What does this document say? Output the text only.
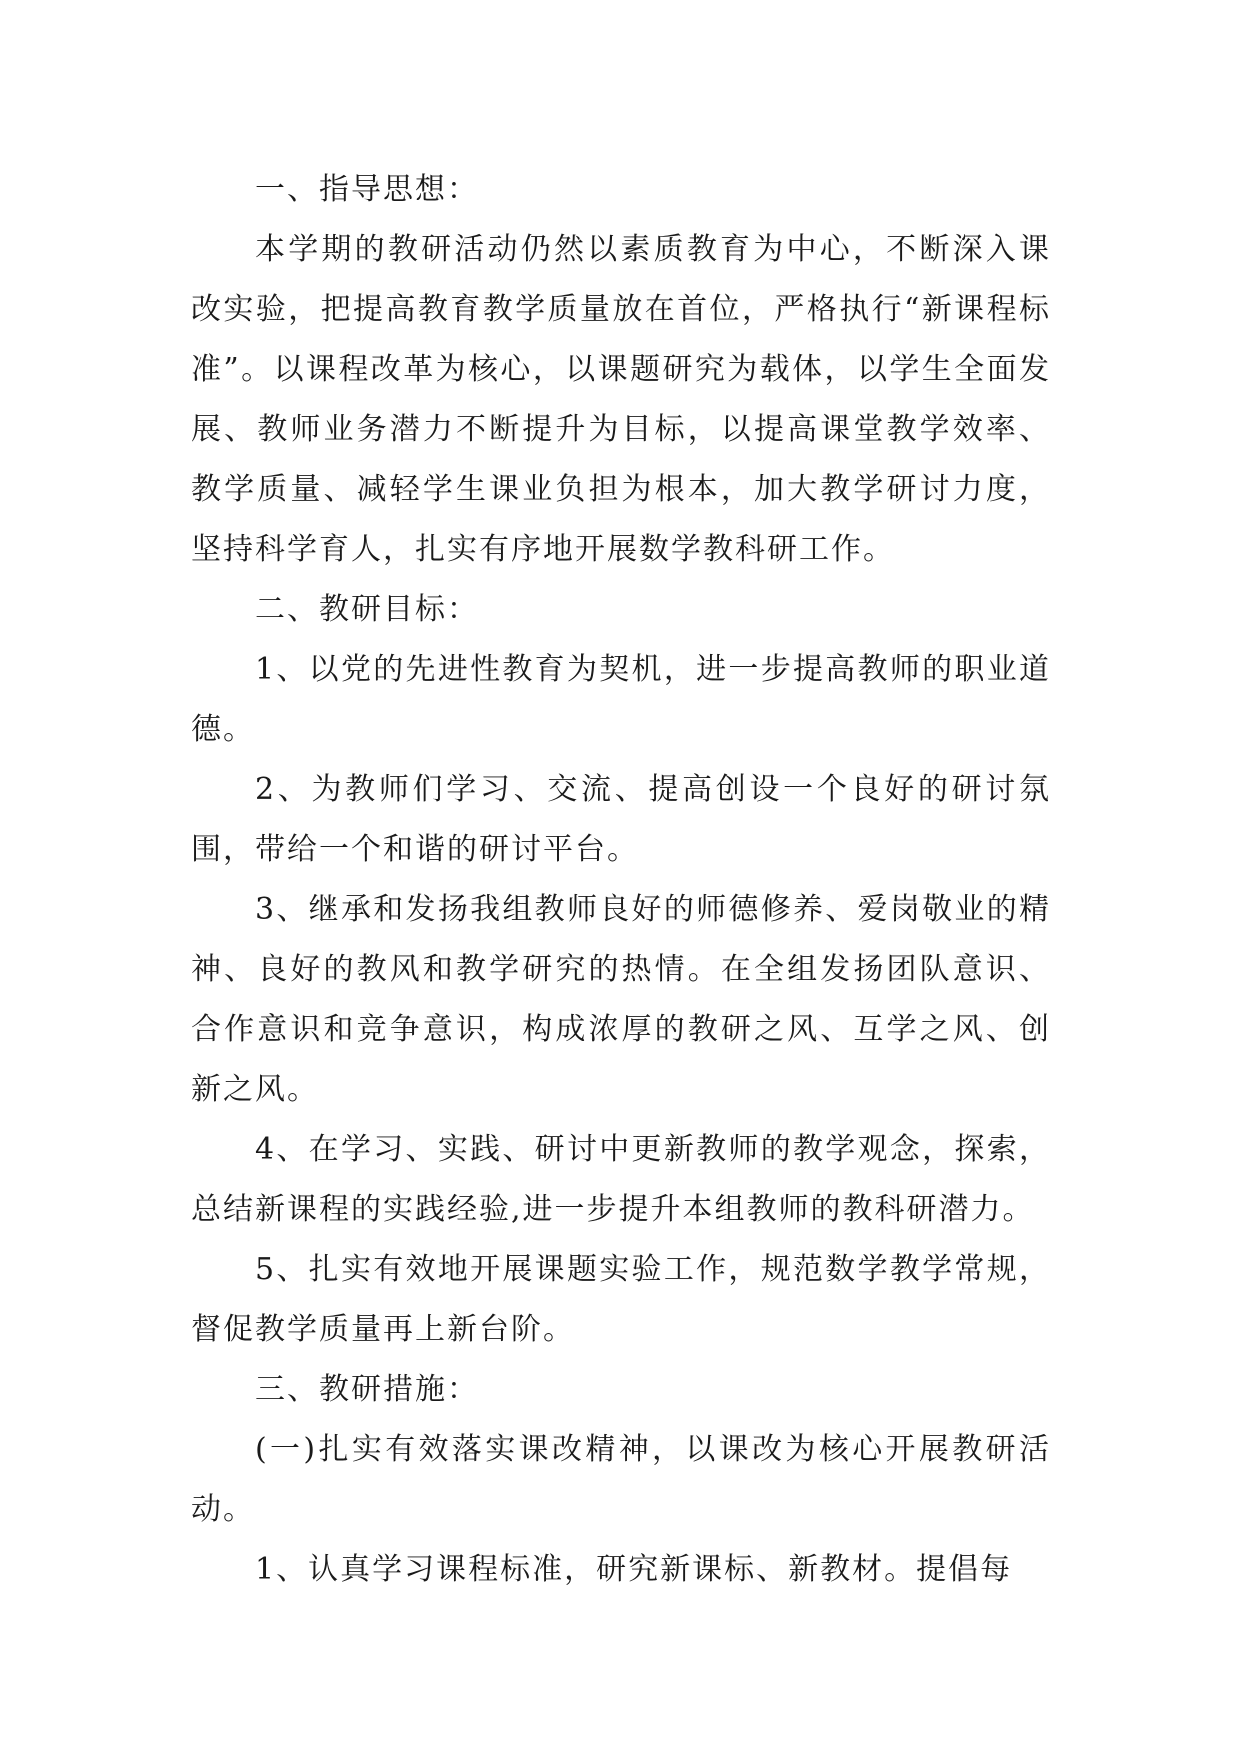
一、指导思想：

本学期的教研活动仍然以素质教育为中心，不断深入课改实验，把提高教育教学质量放在首位，严格执行“新课程标准”。以课程改革为核心，以课题研究为载体，以学生全面发展、教师业务潜力不断提升为目标，以提高课堂教学效率、教学质量、减轻学生课业负担为根本，加大教学研讨力度，坚持科学育人，扎实有序地开展数学教科研工作。

二、教研目标：

1、以党的先进性教育为契机，进一步提高教师的职业道德。

2、为教师们学习、交流、提高创设一个良好的研讨氛围，带给一个和谐的研讨平台。

3、继承和发扬我组教师良好的师德修养、爱岗敬业的精神、良好的教风和教学研究的热情。在全组发扬团队意识、合作意识和竞争意识，构成浓厚的教研之风、互学之风、创新之风。

4、在学习、实践、研讨中更新教师的教学观念，探索，总结新课程的实践经验,进一步提升本组教师的教科研潜力。

5、扎实有效地开展课题实验工作，规范数学教学常规，督促教学质量再上新台阶。

三、教研措施：

(一)扎实有效落实课改精神，以课改为核心开展教研活动。

1、认真学习课程标准，研究新课标、新教材。提倡每
